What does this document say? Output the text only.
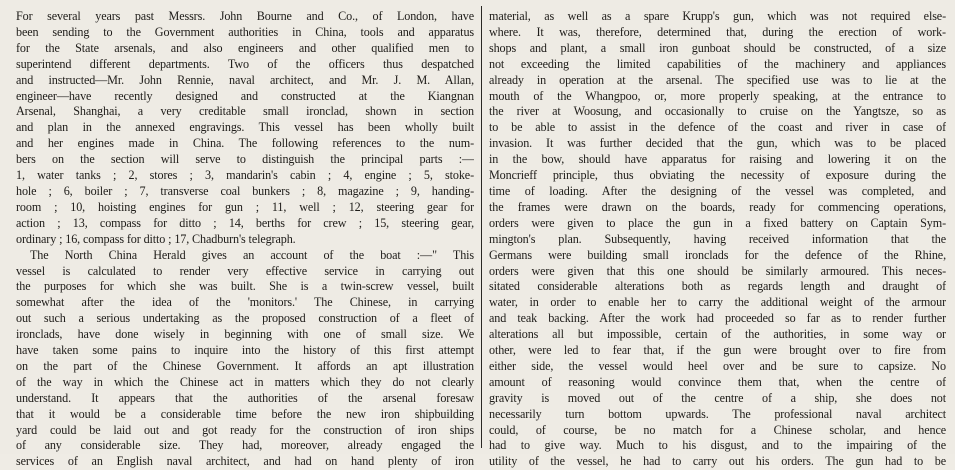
For several years past Messrs. John Bourne and Co., of London, have
been sending to the Government authorities in China, tools and apparatus
for the State arsenals, and also engineers and other qualified men to
superintend different departments. Two of the officers thus despatched
and instructed—Mr. John Rennie, naval architect, and Mr. J. M. Allan,
engineer—have recently designed and constructed at the Kiangnan
Arsenal, Shanghai, a very creditable small ironclad, shown in section
and plan in the annexed engravings. This vessel has been wholly built
and her engines made in China. The following references to the num-
bers on the section will serve to distinguish the principal parts :—
1, water tanks ; 2, stores ; 3, mandarin's cabin ; 4, engine ; 5, stoke-
hole ; 6, boiler ; 7, transverse coal bunkers ; 8, magazine ; 9, handing-
room ; 10, hoisting engines for gun ; 11, well ; 12, steering gear for
action ; 13, compass for ditto ; 14, berths for crew ; 15, steering gear,
ordinary ; 16, compass for ditto ; 17, Chadburn's telegraph.
The North China Herald gives an account of the boat :—" This
vessel is calculated to render very effective service in carrying out
the purposes for which she was built. She is a twin-screw vessel, built
somewhat after the idea of the 'monitors.' The Chinese, in carrying
out such a serious undertaking as the proposed construction of a fleet of
ironclads, have done wisely in beginning with one of small size. We
have taken some pains to inquire into the history of this first attempt
on the part of the Chinese Government. It affords an apt illustration
of the way in which the Chinese act in matters which they do not clearly
understand. It appears that the authorities of the arsenal foresaw
that it would be a considerable time before the new iron shipbuilding
yard could be laid out and got ready for the construction of iron ships
of any considerable size. They had, moreover, already engaged the
services of an English naval architect, and had on hand plenty of iron
material, as well as a spare Krupp's gun, which was not required else-
where. It was, therefore, determined that, during the erection of work-
shops and plant, a small iron gunboat should be constructed, of a size
not exceeding the limited capabilities of the machinery and appliances
already in operation at the arsenal. The specified use was to lie at the
mouth of the Whangpoo, or, more properly speaking, at the entrance to
the river at Woosung, and occasionally to cruise on the Yangtsze, so as
to be able to assist in the defence of the coast and river in case of
invasion. It was further decided that the gun, which was to be placed
in the bow, should have apparatus for raising and lowering it on the
Moncrieff principle, thus obviating the necessity of exposure during the
time of loading. After the designing of the vessel was completed, and
the frames were drawn on the boards, ready for commencing operations,
orders were given to place the gun in a fixed battery on Captain Sym-
mington's plan. Subsequently, having received information that the
Germans were building small ironclads for the defence of the Rhine,
orders were given that this one should be similarly armoured. This neces-
sitated considerable alterations both as regards length and draught of
water, in order to enable her to carry the additional weight of the armour
and teak backing. After the work had proceeded so far as to render further
alterations all but impossible, certain of the authorities, in some way or
other, were led to fear that, if the gun were brought over to fire from
either side, the vessel would heel over and be sure to capsize. No
amount of reasoning would convince them that, when the centre of
gravity is moved out of the centre of a ship, she does not
necessarily turn bottom upwards. The professional naval architect
could, of course, be no match for a Chinese scholar, and hence
had to give way. Much to his disgust, and to the impairing of the
utility of the vessel, he had to carry out his orders. The gun had to be
